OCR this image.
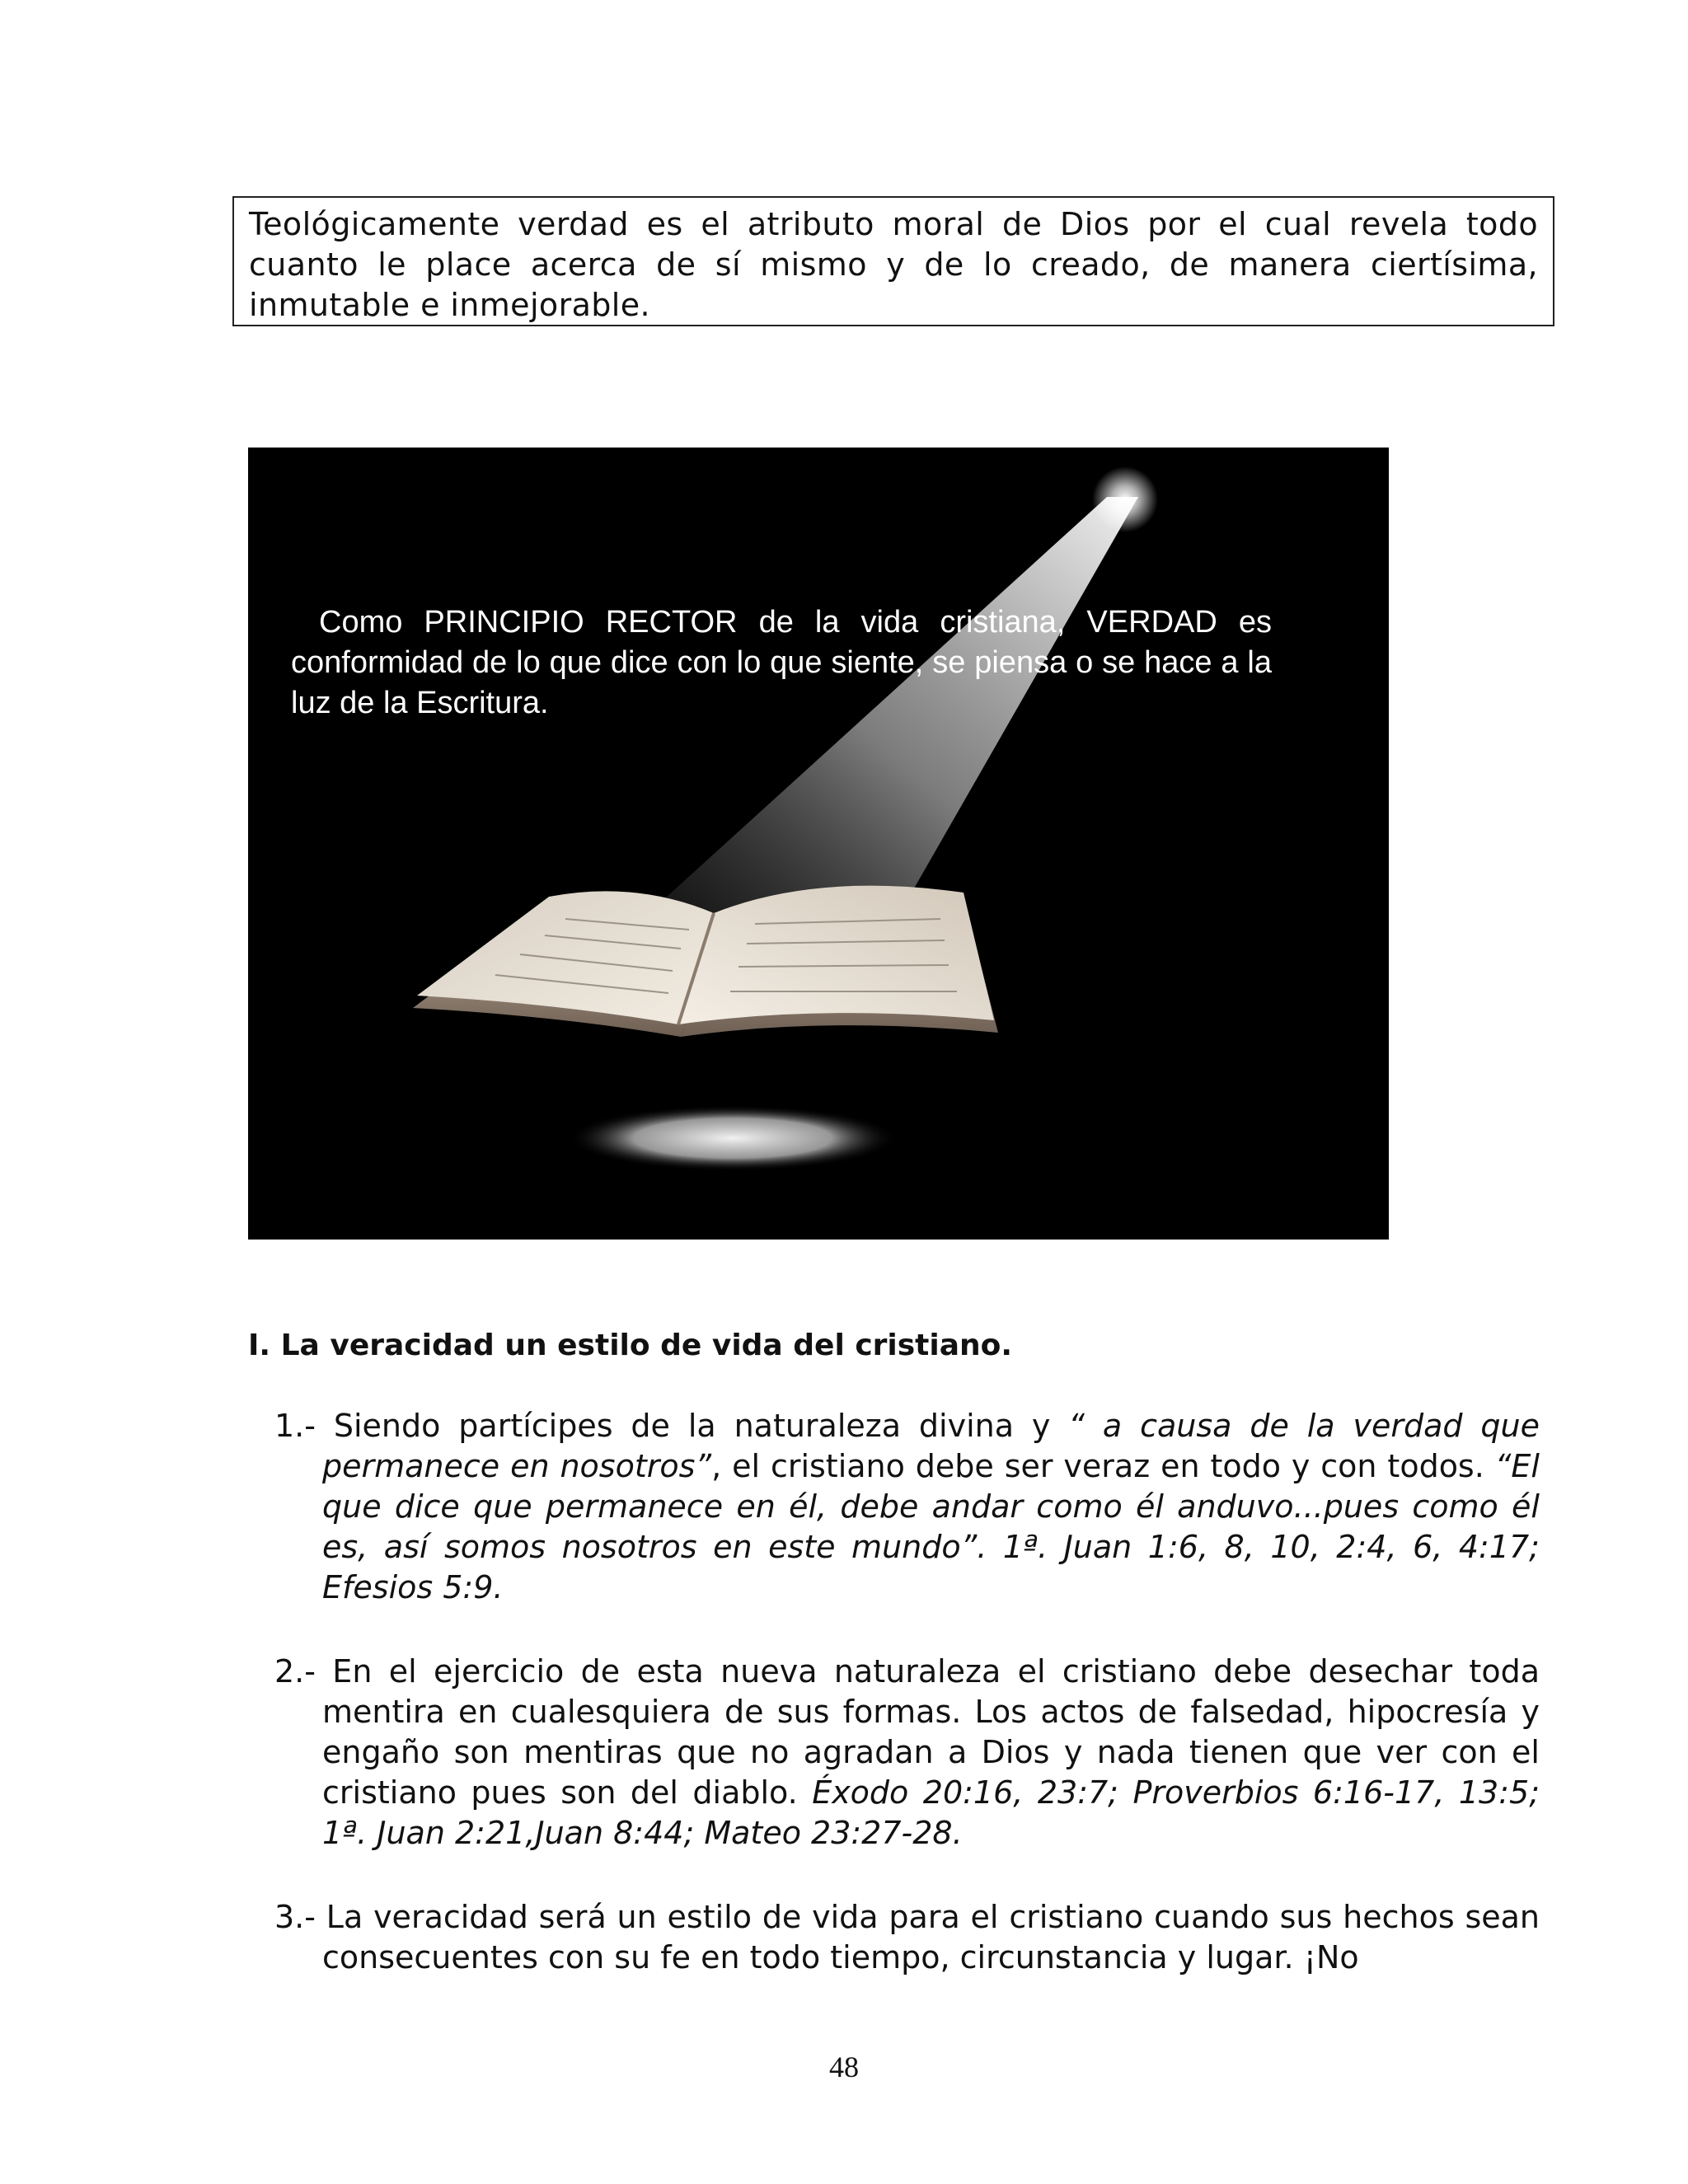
Teológicamente verdad es el atributo moral de Dios por el cual revela todo cuanto le place acerca de sí mismo y de lo creado, de manera ciertísima, inmutable e inmejorable.
Como PRINCIPIO RECTOR de la vida cristiana, VERDAD es conformidad de lo que dice con lo que siente, se piensa o se hace a la luz de la Escritura.
I. La veracidad un estilo de vida del cristiano.
1.- Siendo partícipes de la naturaleza divina y “ a causa de la verdad que permanece en nosotros”, el cristiano debe ser veraz en todo y con todos. “El que dice que permanece en él, debe andar como él anduvo...pues como él es, así somos nosotros en este mundo”. 1ª. Juan 1:6, 8, 10, 2:4, 6, 4:17; Efesios 5:9.
2.- En el ejercicio de esta nueva naturaleza el cristiano debe desechar toda mentira en cualesquiera de sus formas. Los actos de falsedad, hipocresía y engaño son mentiras que no agradan a Dios y nada tienen que ver con el cristiano pues son del diablo. Éxodo 20:16, 23:7; Proverbios 6:16-17, 13:5; 1ª. Juan 2:21,Juan 8:44; Mateo 23:27-28.
3.- La veracidad será un estilo de vida para el cristiano cuando sus hechos sean consecuentes con su fe en todo tiempo, circunstancia y lugar. ¡No
48
